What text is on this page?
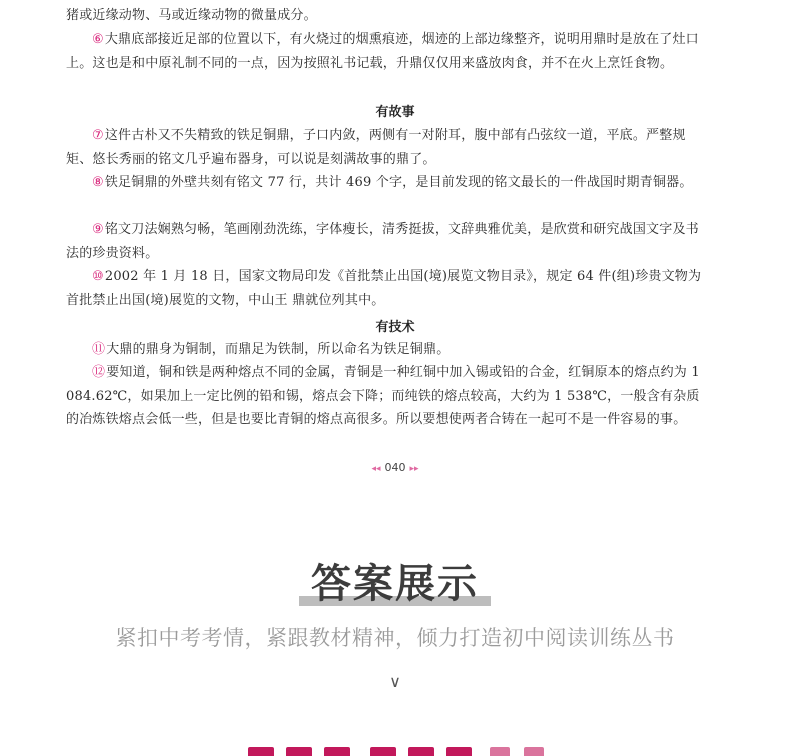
猪或近缘动物、马或近缘动物的微量成分。
⑥大鼎底部接近足部的位置以下，有火烧过的烟熏痕迹，烟迹的上部边缘整齐，说明用鼎时是放在了灶口上。这也是和中原礼制不同的一点，因为按照礼书记载，升鼎仅仅用来盛放肉食，并不在火上烹饪食物。
有故事
⑦这件古朴又不失精致的铁足铜鼎，子口内敛，两侧有一对附耳，腹中部有凸弦纹一道，平底。严整规矩、悠长秀丽的铭文几乎遍布器身，可以说是刻满故事的鼎了。
⑧铁足铜鼎的外壁共刻有铭文 77 行，共计 469 个字，是目前发现的铭文最长的一件战国时期青铜器。
⑨铭文刀法娴熟匀畅，笔画刚劲洗练，字体瘦长，清秀挺拔，文辞典雅优美，是欣赏和研究战国文字及书法的珍贵资料。
⑩2002 年 1 月 18 日，国家文物局印发《首批禁止出国(境)展览文物目录》，规定 64 件(组)珍贵文物为首批禁止出国(境)展览的文物，中山王 鼎就位列其中。
有技术
⑪大鼎的鼎身为铜制，而鼎足为铁制，所以命名为铁足铜鼎。
⑫要知道，铜和铁是两种熔点不同的金属，青铜是一种红铜中加入锡或铅的合金，红铜原本的熔点约为 1 084.62℃，如果加上一定比例的铅和锡，熔点会下降；而纯铁的熔点较高，大约为 1 538℃，一般含有杂质的冶炼铁熔点会低一些，但是也要比青铜的熔点高很多。所以要想使两者合铸在一起可不是一件容易的事。
◂◂ 040 ▸▸
答案展示
紧扣中考考情，紧跟教材精神，倾力打造初中阅读训练丛书
∨
